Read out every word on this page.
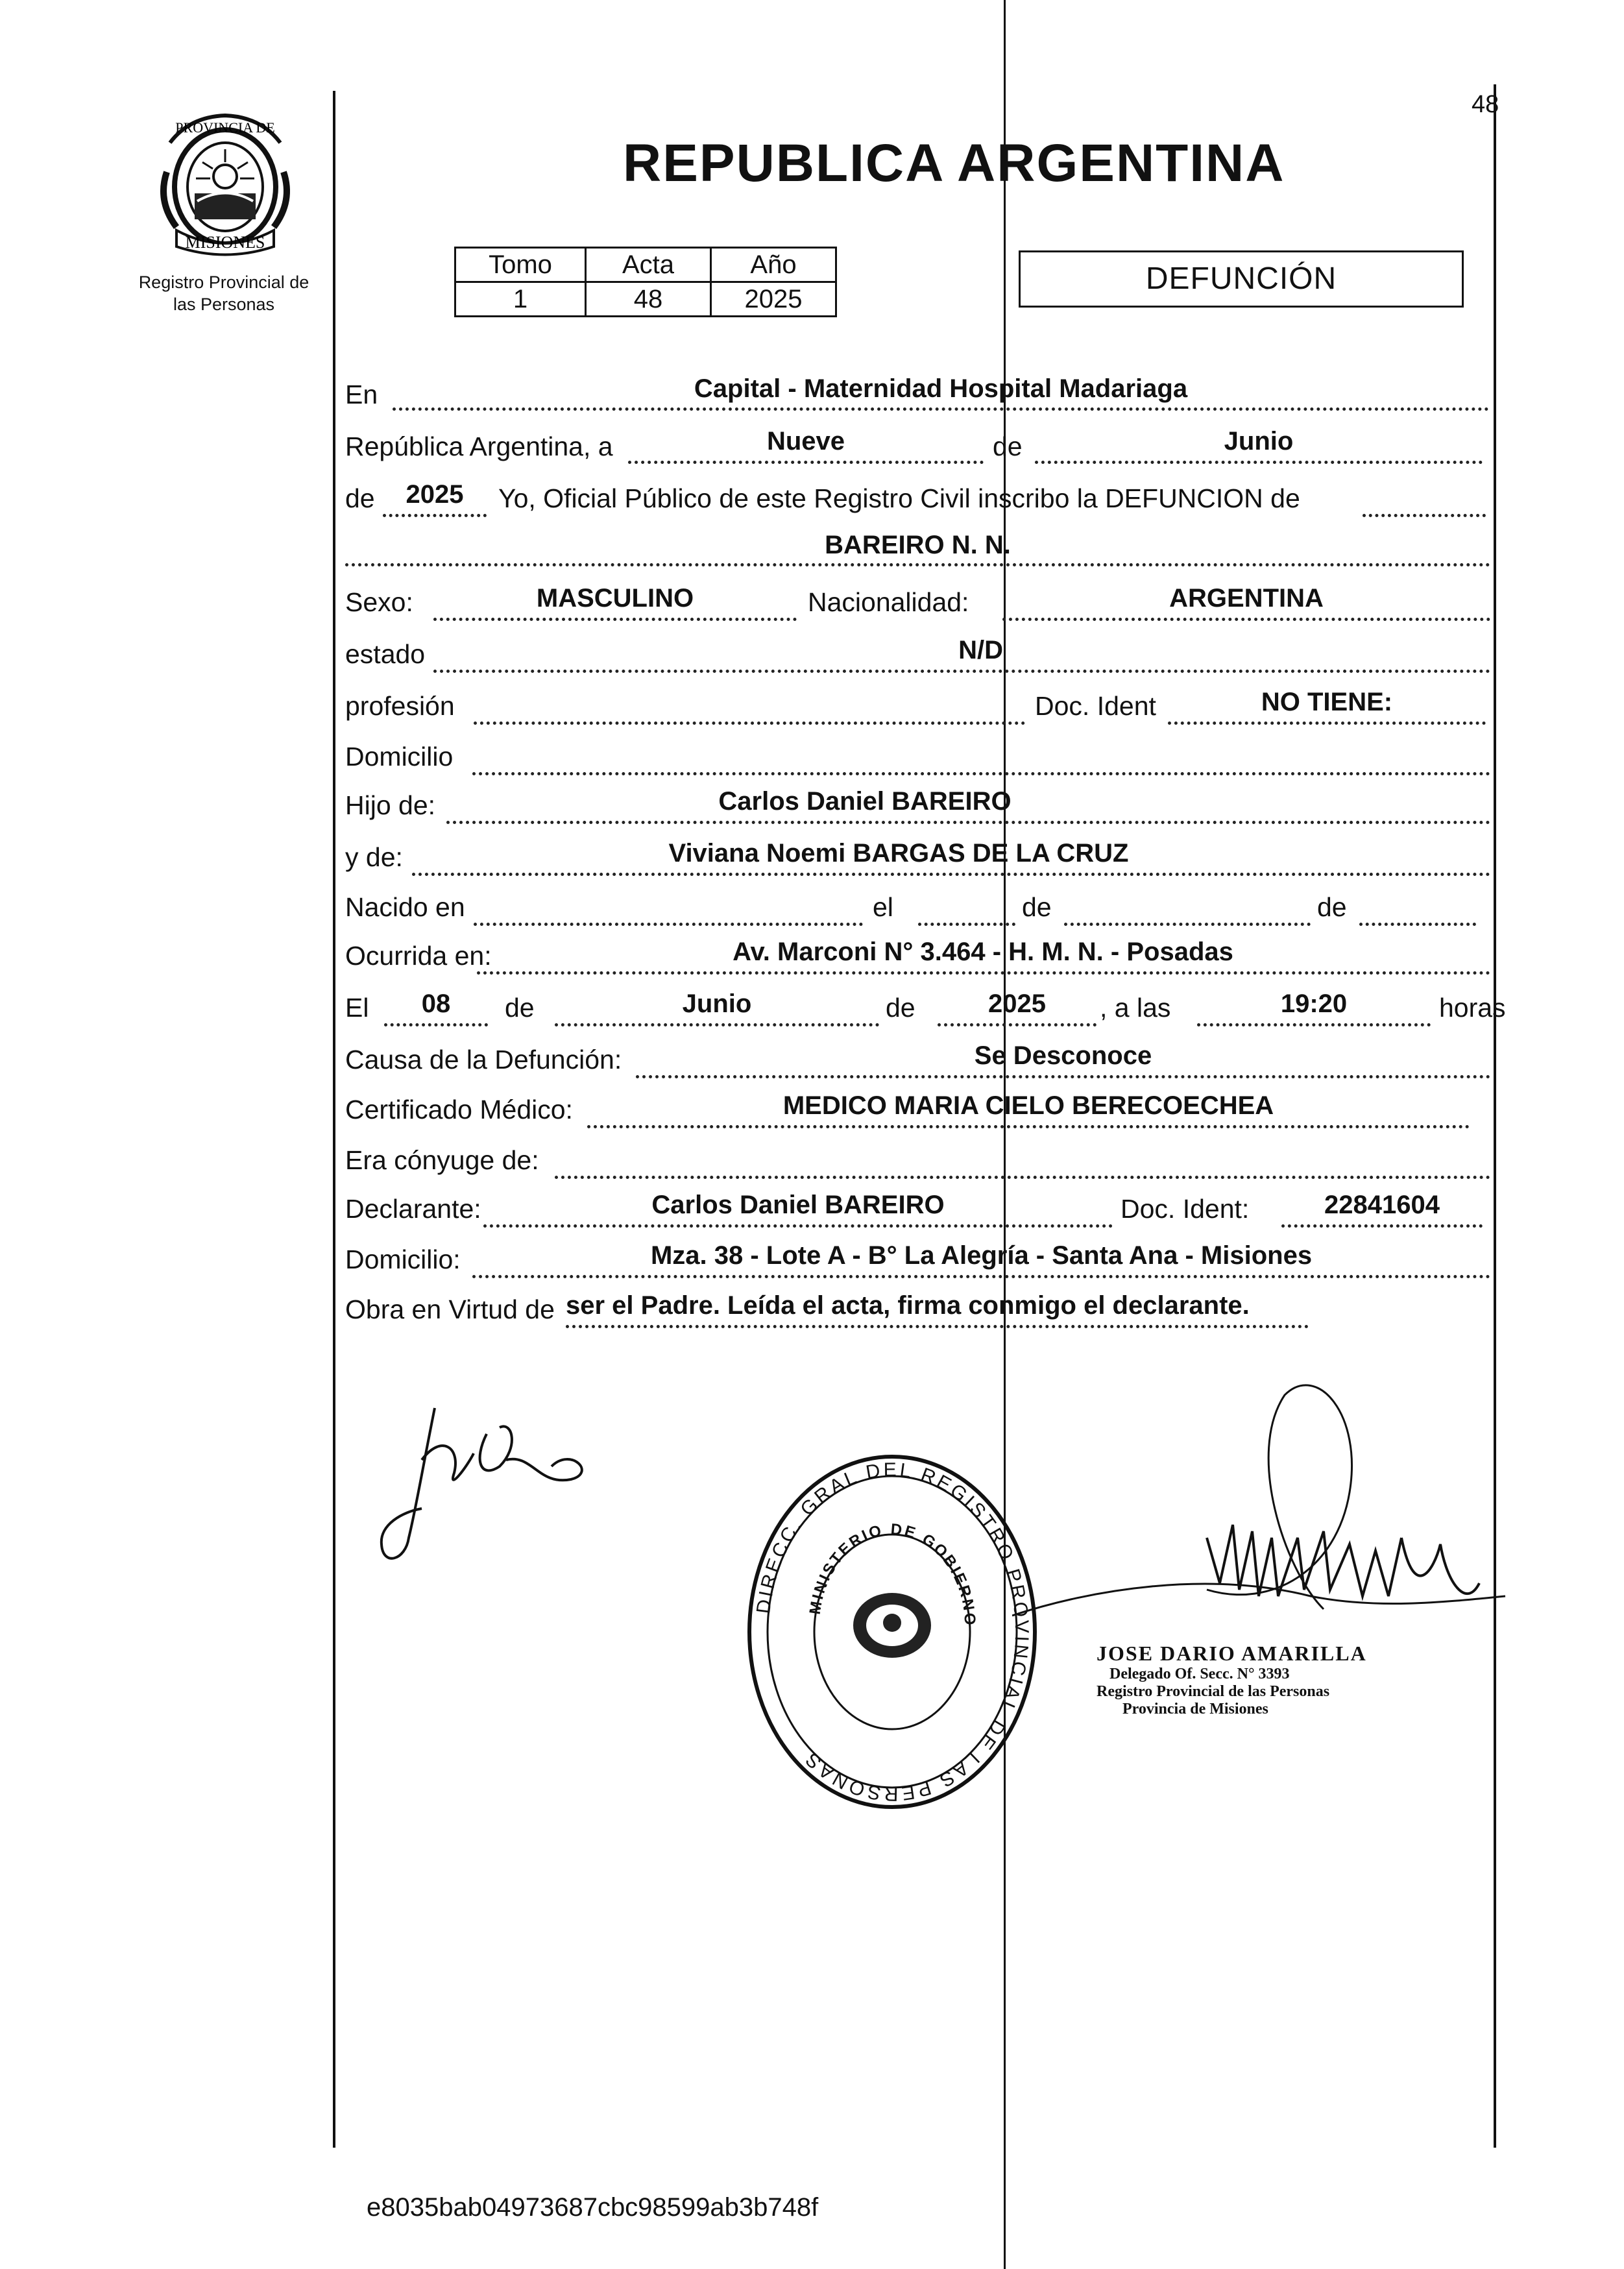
48
PROVINCIA DE
MISIONES
Registro Provincial de
las Personas
REPUBLICA ARGENTINA
Tomo	Acta	Año
1	48	2025
DEFUNCIÓN
En	Capital - Maternidad Hospital Madariaga
República Argentina, a	Nueve	de	Junio
de	2025	Yo, Oficial Público de este Registro Civil inscribo la DEFUNCION de
BAREIRO N. N.
Sexo:	MASCULINO	Nacionalidad:	ARGENTINA
estado	N/D
profesión	Doc. Ident	NO TIENE:
Domicilio
Hijo de:	Carlos Daniel BAREIRO
y de:	Viviana Noemi BARGAS DE LA CRUZ
Nacido en	el	de	de
Ocurrida en:	Av. Marconi N° 3.464 - H. M. N. - Posadas
El	08	de	Junio	de	2025	, a las	19:20	horas
Causa de la Defunción:	Se Desconoce
Certificado Médico:	MEDICO MARIA CIELO BERECOECHEA
Era cónyuge de:
Declarante:	Carlos Daniel BAREIRO	Doc. Ident:	22841604
Domicilio:	Mza. 38 - Lote A - B° La Alegría - Santa Ana - Misiones
Obra en Virtud de ser el Padre. Leída el acta, firma conmigo el declarante.
DIRECC. GRAL DEL REGISTRO PROVINCIAL DE LAS PERSONAS
MINISTERIO DE GOBIERNO
JOSE DARIO AMARILLA
Delegado Of. Secc. N° 3393
Registro Provincial de las Personas
Provincia de Misiones
e8035bab04973687cbc98599ab3b748f
